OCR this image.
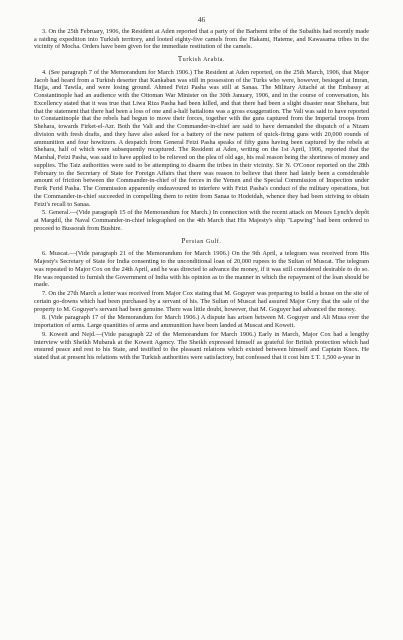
46

3. On the 25th February, 1906, the Resident at Aden reported that a party of the Barhemi tribe of the Subaihis had recently made a raiding expedition into Turkish territory, and looted eighty-five camels from the Hakami, Hateme, and Kawasama tribes in the vicinity of Mocha. Orders have been given for the immediate restitution of the camels.

Turkish Arabia.

4. (See paragraph 7 of the Memorandum for March 1906.) The Resident at Aden reported, on the 25th March, 1906, that Major Jacob had heard from a Turkish deserter that Kankaban was still in possession of the Turks who were, however, besieged at Imran, Hajja, and Tawila, and were losing ground. Ahmed Feizi Pasha was still at Sanaa. The Military Attaché at the Embassy at Constantinople had an audience with the Ottoman War Minister on the 30th January, 1906, and in the course of conversation, his Excellency stated that it was true that Liwa Riza Pasha had been killed, and that there had been a slight disaster near Shehara, but that the statement that there had been a loss of one and a-half battalions was a gross exaggeration. The Vali was said to have reported to Constantinople that the rebels had begun to move their forces, together with the guns captured from the Imperial troops from Shehara, towards Firket-el-Azr. Both the Vali and the Commander-in-chief are said to have demanded the dispatch of a Nizam division with fresh drafts, and they have also asked for a battery of the new pattern of quick-firing guns with 20,000 rounds of ammunition and four howitzers. A despatch from General Feizi Pasha speaks of fifty guns having been captured by the rebels at Shehara, half of which were subsequently recaptured. The Resident at Aden, writing on the 1st April, 1906, reported that the Marshal, Feizi Pasha, was said to have applied to be relieved on the plea of old age, his real reason being the shortness of money and supplies. The Taiz authorities were said to be attempting to disarm the tribes in their vicinity. Sir N. O'Conor reported on the 28th February to the Secretary of State for Foreign Affairs that there was reason to believe that there had lately been a considerable amount of friction between the Commander-in-chief of the forces in the Yemen and the Special Commission of Inspection under Ferik Ferid Pasha. The Commission apparently endeavoured to interfere with Feizi Pasha's conduct of the military operations, but the Commander-in-chief succeeded in compelling them to retire from Sanaa to Hodeidah, whence they had been striving to obtain Feizi's recall to Sanaa.

5. General.—(Vide paragraph 15 of the Memorandum for March.) In connection with the recent attack on Messrs Lynch's depôt at Margdil, the Naval Commander-in-chief telegraphed on the 4th March that His Majesty's ship "Lapwing" had been ordered to proceed to Bussorah from Bushire.

Persian Gulf.

6. Muscat.—(Vide paragraph 21 of the Memorandum for March 1906.) On the 9th April, a telegram was received from His Majesty's Secretary of State for India consenting to the unconditional loan of 20,000 rupees to the Sultan of Muscat. The telegram was repeated to Major Cox on the 24th April, and he was directed to advance the money, if it was still considered desirable to do so. He was requested to furnish the Government of India with his opinion as to the manner in which the repayment of the loan should be made.

7. On the 27th March a letter was received from Major Cox stating that M. Goguyer was preparing to build a house on the site of certain go-downs which had been purchased by a servant of his. The Sultan of Muscat had assured Major Grey that the sale of the property to M. Goguyer's servant had been genuine. There was little doubt, however, that M. Goguyer had advanced the money.

8. (Vide paragraph 17 of the Memorandum for March 1906.) A dispute has arisen between M. Goguyer and Ali Musa over the importation of arms. Large quantities of arms and ammunition have been landed at Muscat and Koweit.

9. Koweit and Nejd.—(Vide paragraph 22 of the Memorandum for March 1906.) Early in March, Major Cox had a lengthy interview with Sheikh Mubarak at the Koweit Agency. The Sheikh expressed himself as grateful for British protection which had ensured peace and rest to his State, and testified to the pleasant relations which existed between himself and Captain Knox. He stated that at present his relations with the Turkish authorities were satisfactory, but confessed that it cost him £ T. 1,500 a-year in
